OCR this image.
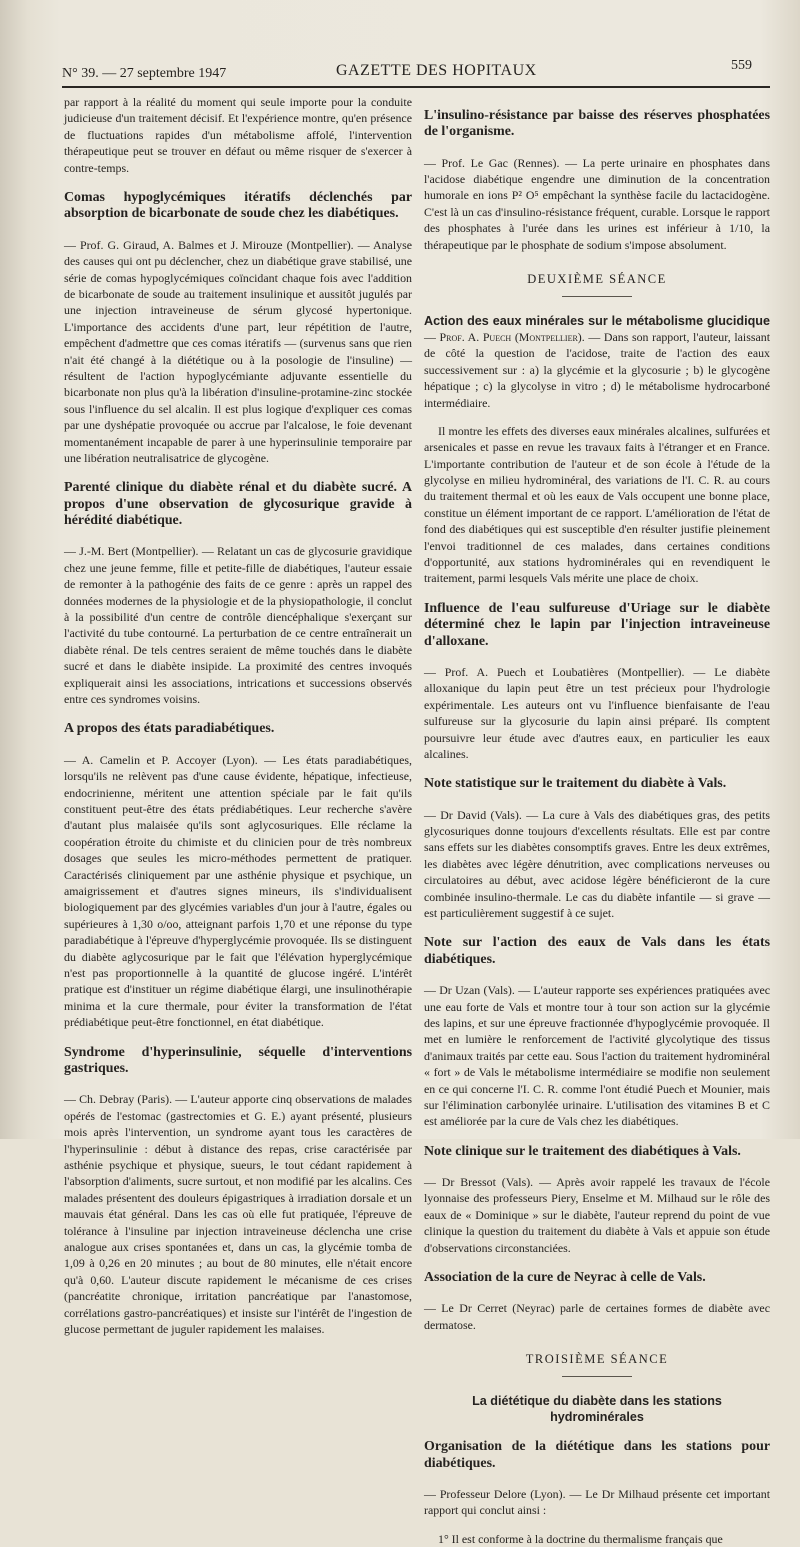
N° 39. — 27 septembre 1947	GAZETTE DES HOPITAUX	559

par rapport à la réalité du moment qui seule importe pour la conduite judicieuse d'un traitement décisif. Et l'expérience montre, qu'en présence de fluctuations rapides d'un métabolisme affolé, l'intervention thérapeutique peut se trouver en défaut ou même risquer de s'exercer à contre-temps.

Comas hypoglycémiques itératifs déclenchés par absorption de bicarbonate de soude chez les diabétiques.
— Prof. G. Giraud, A. Balmes et J. Mirouze (Montpellier). — Analyse des causes qui ont pu déclencher, chez un diabétique grave stabilisé, une série de comas hypoglycémiques coïncidant chaque fois avec l'addition de bicarbonate de soude au traitement insulinique et aussitôt jugulés par une injection intraveineuse de sérum glycosé hypertonique. L'importance des accidents d'une part, leur répétition de l'autre, empêchent d'admettre que ces comas itératifs — (survenus sans que rien n'ait été changé à la diététique ou à la posologie de l'insuline) — résultent de l'action hypoglycémiante adjuvante essentielle du bicarbonate non plus qu'à la libération d'insuline-protamine-zinc stockée sous l'influence du sel alcalin. Il est plus logique d'expliquer ces comas par une dyshépatie provoquée ou accrue par l'alcalose, le foie devenant momentanément incapable de parer à une hyperinsulinie temporaire par une libération neutralisatrice de glycogène.

Parenté clinique du diabète rénal et du diabète sucré. A propos d'une observation de glycosurique gravide à hérédité diabétique.
— J.-M. Bert (Montpellier). — Relatant un cas de glycosurie gravidique chez une jeune femme, fille et petite-fille de diabétiques, l'auteur essaie de remonter à la pathogénie des faits de ce genre : après un rappel des données modernes de la physiologie et de la physiopathologie, il conclut à la possibilité d'un centre de contrôle diencéphalique s'exerçant sur l'activité du tube contourné. La perturbation de ce centre entraînerait un diabète rénal. De tels centres seraient de même touchés dans le diabète sucré et dans le diabète insipide. La proximité des centres invoqués expliquerait ainsi les associations, intrications et successions observés entre ces syndromes voisins.

A propos des états paradiabétiques.
— A. Camelin et P. Accoyer (Lyon). — Les états paradiabétiques, lorsqu'ils ne relèvent pas d'une cause évidente, hépatique, infectieuse, endocrinienne, méritent une attention spéciale par le fait qu'ils constituent peut-être des états prédiabétiques. Leur recherche s'avère d'autant plus malaisée qu'ils sont aglycosuriques. Elle réclame la coopération étroite du chimiste et du clinicien pour de très nombreux dosages que seules les micro-méthodes permettent de pratiquer. Caractérisés cliniquement par une asthénie physique et psychique, un amaigrissement et d'autres signes mineurs, ils s'individualisent biologiquement par des glycémies variables d'un jour à l'autre, égales ou supérieures à 1,30 o/oo, atteignant parfois 1,70 et une réponse du type paradiabétique à l'épreuve d'hyperglycémie provoquée. Ils se distinguent du diabète aglycosurique par le fait que l'élévation hyperglycémique n'est pas proportionnelle à la quantité de glucose ingéré. L'intérêt pratique est d'instituer un régime diabétique élargi, une insulinothérapie minima et la cure thermale, pour éviter la transformation de l'état prédiabétique peut-être fonctionnel, en état diabétique.

Syndrome d'hyperinsulinie, séquelle d'interventions gastriques.
— Ch. Debray (Paris). — L'auteur apporte cinq observations de malades opérés de l'estomac (gastrectomies et G. E.) ayant présenté, plusieurs mois après l'intervention, un syndrome ayant tous les caractères de l'hyperinsulinie : début à distance des repas, crise caractérisée par asthénie psychique et physique, sueurs, le tout cédant rapidement à l'absorption d'aliments, sucre surtout, et non modifié par les alcalins. Ces malades présentent des douleurs épigastriques à irradiation dorsale et un mauvais état général. Dans les cas où elle fut pratiquée, l'épreuve de tolérance à l'insuline par injection intraveineuse déclencha une crise analogue aux crises spontanées et, dans un cas, la glycémie tomba de 1,09 à 0,26 en 20 minutes ; au bout de 80 minutes, elle n'était encore qu'à 0,60. L'auteur discute rapidement le mécanisme de ces crises (pancréatite chronique, irritation pancréatique par l'anastomose, corrélations gastro-pancréatiques) et insiste sur l'intérêt de l'ingestion de glucose permettant de juguler rapidement les malaises.

L'insulino-résistance par baisse des réserves phosphatées de l'organisme.
— Prof. Le Gac (Rennes). — La perte urinaire en phosphates dans l'acidose diabétique engendre une diminution de la concentration humorale en ions P² O⁵ empêchant la synthèse facile du lactacidogène. C'est là un cas d'insulino-résistance fréquent, curable. Lorsque le rapport des phosphates à l'urée dans les urines est inférieur à 1/10, la thérapeutique par le phosphate de sodium s'impose absolument.

DEUXIÈME SÉANCE

Action des eaux minérales sur le métabolisme glucidique — Prof. A. Puech (Montpellier). — Dans son rapport, l'auteur, laissant de côté la question de l'acidose, traite de l'action des eaux successivement sur : a) la glycémie et la glycosurie ; b) le glycogène hépatique ; c) la glycolyse in vitro ; d) le métabolisme hydrocarboné intermédiaire.

Il montre les effets des diverses eaux minérales alcalines, sulfurées et arsenicales et passe en revue les travaux faits à l'étranger et en France. L'importante contribution de l'auteur et de son école à l'étude de la glycolyse en milieu hydrominéral, des variations de l'I. C. R. au cours du traitement thermal et où les eaux de Vals occupent une bonne place, constitue un élément important de ce rapport. L'amélioration de l'état de fond des diabétiques qui est susceptible d'en résulter justifie pleinement l'envoi traditionnel de ces malades, dans certaines conditions d'opportunité, aux stations hydrominérales qui en revendiquent le traitement, parmi lesquels Vals mérite une place de choix.

Influence de l'eau sulfureuse d'Uriage sur le diabète déterminé chez le lapin par l'injection intraveineuse d'alloxane.
— Prof. A. Puech et Loubatières (Montpellier). — Le diabète alloxanique du lapin peut être un test précieux pour l'hydrologie expérimentale. Les auteurs ont vu l'influence bienfaisante de l'eau sulfureuse sur la glycosurie du lapin ainsi préparé. Ils comptent poursuivre leur étude avec d'autres eaux, en particulier les eaux alcalines.

Note statistique sur le traitement du diabète à Vals.
— Dr David (Vals). — La cure à Vals des diabétiques gras, des petits glycosuriques donne toujours d'excellents résultats. Elle est par contre sans effets sur les diabètes consomptifs graves. Entre les deux extrêmes, les diabètes avec légère dénutrition, avec complications nerveuses ou circulatoires au début, avec acidose légère bénéficieront de la cure combinée insulino-thermale. Le cas du diabète infantile — si grave — est particulièrement suggestif à ce sujet.

Note sur l'action des eaux de Vals dans les états diabétiques.
— Dr Uzan (Vals). — L'auteur rapporte ses expériences pratiquées avec une eau forte de Vals et montre tour à tour son action sur la glycémie des lapins, et sur une épreuve fractionnée d'hypoglycémie provoquée. Il met en lumière le renforcement de l'activité glycolytique des tissus d'animaux traités par cette eau. Sous l'action du traitement hydrominéral « fort » de Vals le métabolisme intermédiaire se modifie non seulement en ce qui concerne l'I. C. R. comme l'ont étudié Puech et Mounier, mais sur l'élimination carbonylée urinaire. L'utilisation des vitamines B et C est améliorée par la cure de Vals chez les diabétiques.

Note clinique sur le traitement des diabétiques à Vals.
— Dr Bressot (Vals). — Après avoir rappelé les travaux de l'école lyonnaise des professeurs Piery, Enselme et M. Milhaud sur le rôle des eaux de « Dominique » sur le diabète, l'auteur reprend du point de vue clinique la question du traitement du diabète à Vals et appuie son étude d'observations circonstanciées.

Association de la cure de Neyrac à celle de Vals.
— Le Dr Cerret (Neyrac) parle de certaines formes de diabète avec dermatose.

TROISIÈME SÉANCE
La diététique du diabète dans les stations hydrominérales

Organisation de la diététique dans les stations pour diabétiques.
— Professeur Delore (Lyon). — Le Dr Milhaud présente cet important rapport qui conclut ainsi :

1° Il est conforme à la doctrine du thermalisme français que
